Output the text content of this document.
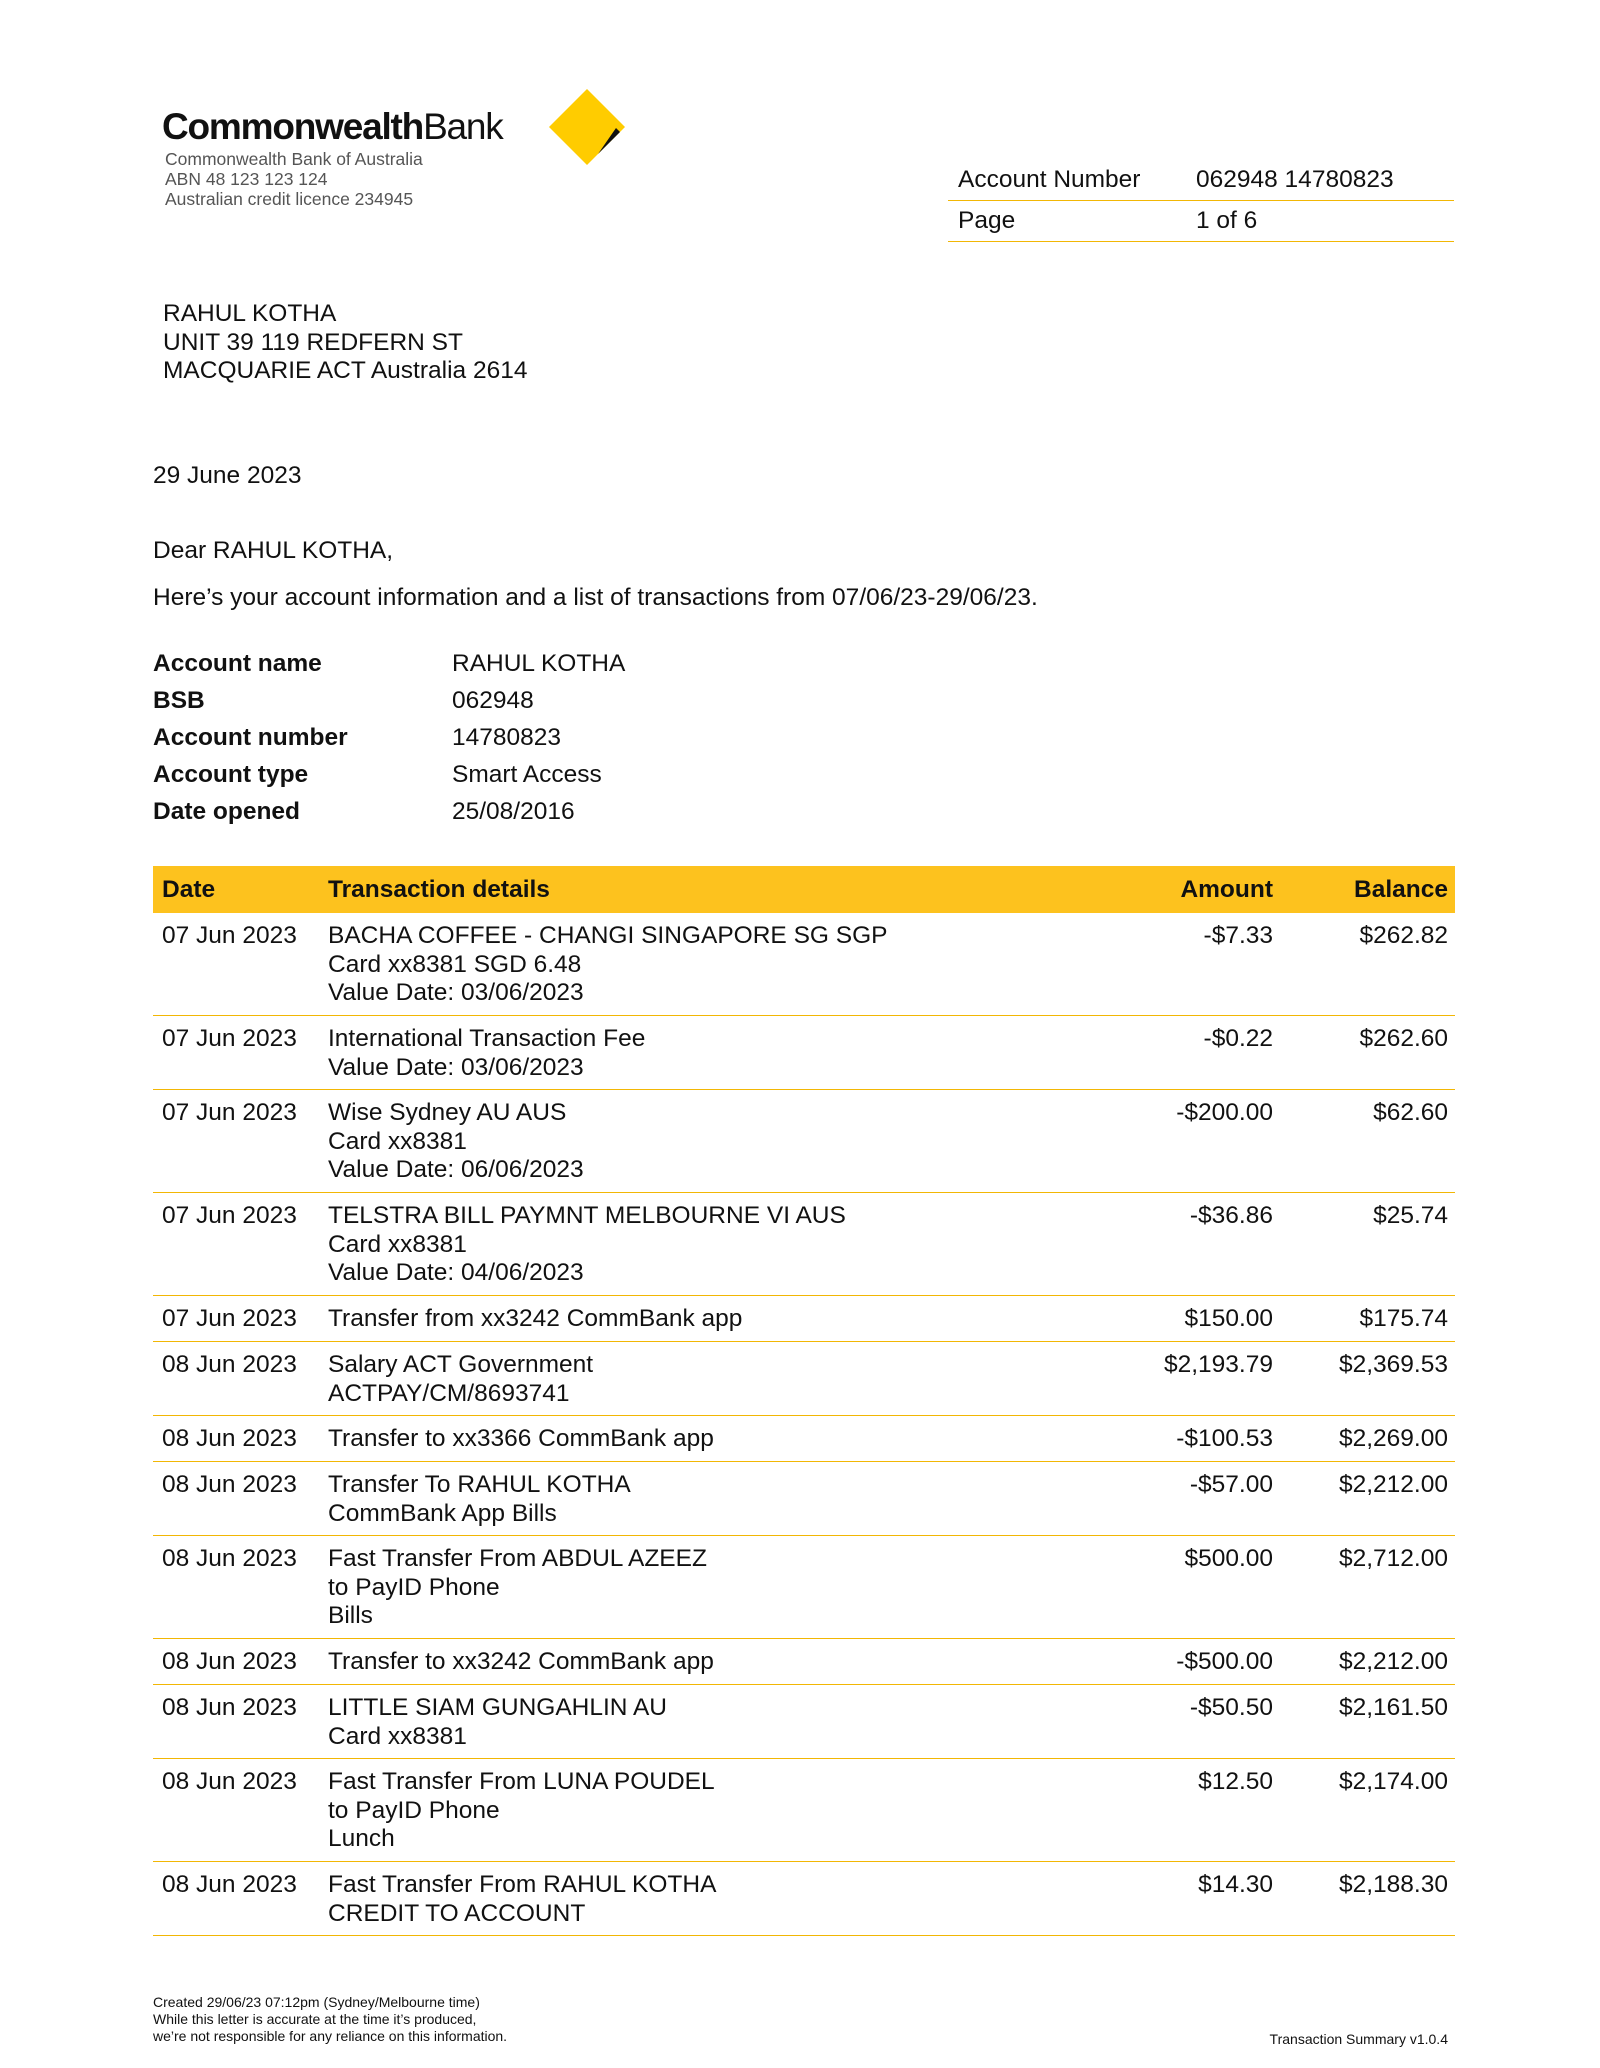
CommonwealthBank
Commonwealth Bank of Australia
ABN 48 123 123 124
Australian credit licence 234945
Account Number	062948 14780823
Page	1 of 6
RAHUL KOTHA
UNIT 39 119 REDFERN ST
MACQUARIE ACT Australia 2614
29 June 2023
Dear RAHUL KOTHA,
Here’s your account information and a list of transactions from 07/06/23-29/06/23.
Account name	RAHUL KOTHA
BSB	062948
Account number	14780823
Account type	Smart Access
Date opened	25/08/2016
Date	Transaction details	Amount	Balance
07 Jun 2023	BACHA COFFEE - CHANGI SINGAPORE SG SGP
Card xx8381 SGD 6.48
Value Date: 03/06/2023
-$7.33	$262.82
07 Jun 2023	International Transaction Fee
Value Date: 03/06/2023
-$0.22	$262.60
07 Jun 2023	Wise Sydney AU AUS
Card xx8381
Value Date: 06/06/2023
-$200.00	$62.60
07 Jun 2023	TELSTRA BILL PAYMNT MELBOURNE VI AUS
Card xx8381
Value Date: 04/06/2023
-$36.86	$25.74
07 Jun 2023	Transfer from xx3242 CommBank app	$150.00	$175.74
08 Jun 2023	Salary ACT Government
ACTPAY/CM/8693741
$2,193.79	$2,369.53
08 Jun 2023	Transfer to xx3366 CommBank app	-$100.53	$2,269.00
08 Jun 2023	Transfer To RAHUL KOTHA
CommBank App Bills
-$57.00	$2,212.00
08 Jun 2023	Fast Transfer From ABDUL AZEEZ
to PayID Phone
Bills
$500.00	$2,712.00
08 Jun 2023	Transfer to xx3242 CommBank app	-$500.00	$2,212.00
08 Jun 2023	LITTLE SIAM GUNGAHLIN AU
Card xx8381
-$50.50	$2,161.50
08 Jun 2023	Fast Transfer From LUNA POUDEL
to PayID Phone
Lunch
$12.50	$2,174.00
08 Jun 2023	Fast Transfer From RAHUL KOTHA
CREDIT TO ACCOUNT
$14.30	$2,188.30
Created 29/06/23 07:12pm (Sydney/Melbourne time)
While this letter is accurate at the time it’s produced,
we’re not responsible for any reliance on this information.	Transaction Summary v1.0.4
